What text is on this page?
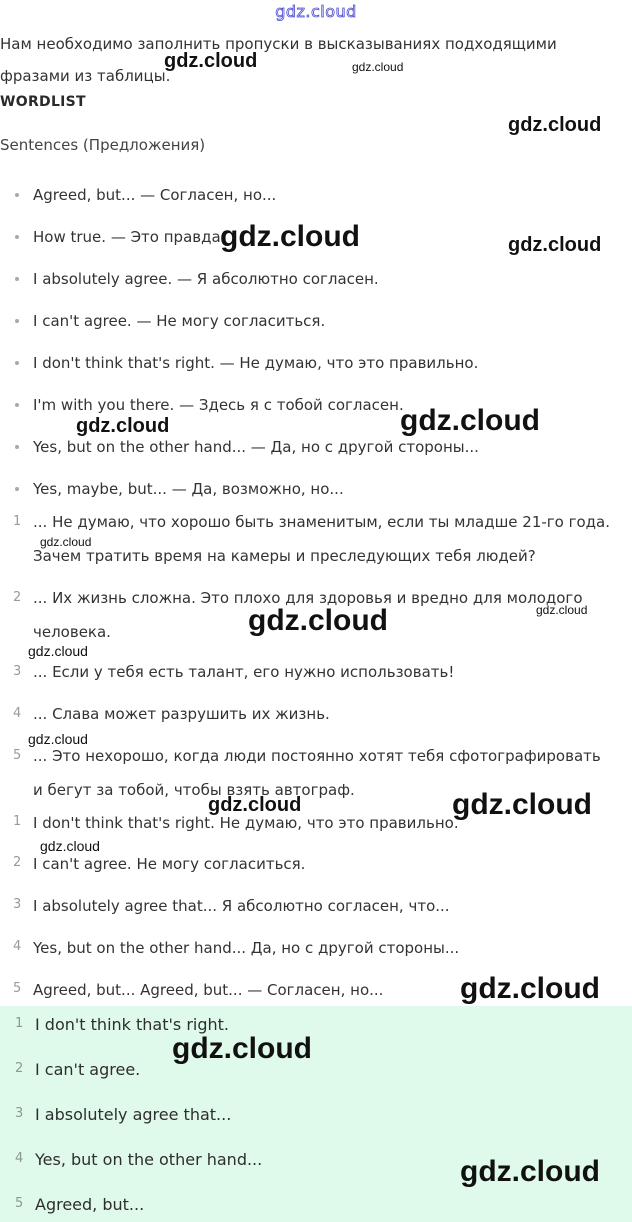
gdz.cloud
Нам необходимо заполнить пропуски в высказываниях подходящими фразами из таблицы.
WORDLIST
Sentences (Предложения)
Agreed, but... — Согласен, но...
How true. — Это правда.
I absolutely agree. — Я абсолютно согласен.
I can't agree. — Не могу согласиться.
I don't think that's right. — Не думаю, что это правильно.
I'm with you there. — Здесь я с тобой согласен.
Yes, but on the other hand... — Да, но с другой стороны...
Yes, maybe, but... — Да, возможно, но...
1 ... Не думаю, что хорошо быть знаменитым, если ты младше 21-го года. Зачем тратить время на камеры и преследующих тебя людей?
2 ... Их жизнь сложна. Это плохо для здоровья и вредно для молодого человека.
3 ... Если у тебя есть талант, его нужно использовать!
4 ... Слава может разрушить их жизнь.
5 ... Это нехорошо, когда люди постоянно хотят тебя сфотографировать и бегут за тобой, чтобы взять автограф.
1 I don't think that's right. Не думаю, что это правильно.
2 I can't agree. Не могу согласиться.
3 I absolutely agree that... Я абсолютно согласен, что...
4 Yes, but on the other hand... Да, но с другой стороны...
5 Agreed, but... Agreed, but... — Согласен, но...
1 I don't think that's right.
2 I can't agree.
3 I absolutely agree that...
4 Yes, but on the other hand...
5 Agreed, but...
gdz.cloud	gdz.cloud
gdz.cloud
gdz.cloud	gdz.cloud
gdz.cloud
gdz.cloud
gdz.cloud
gdz.cloud
gdz.cloud
gdz.cloud
gdz.cloud
gdz.cloud
gdz.cloud
gdz.cloud
gdz.cloud
gdz.cloud
gdz.cloud
